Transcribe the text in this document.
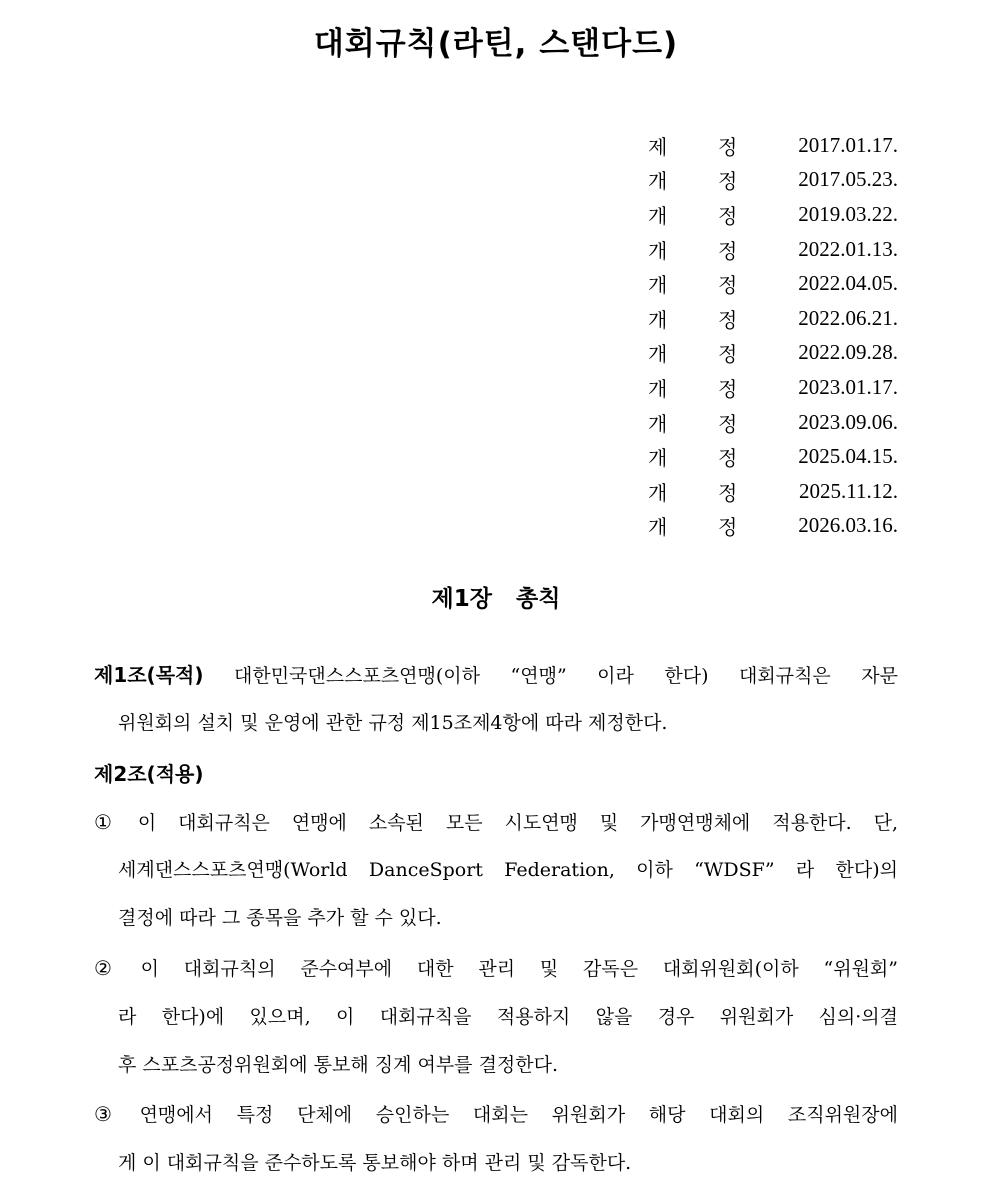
대회규칙(라틴, 스탠다드)
제	정	2017.01.17.
개	정	2017.05.23.
개	정	2019.03.22.
개	정	2022.01.13.
개	정	2022.04.05.
개	정	2022.06.21.
개	정	2022.09.28.
개	정	2023.01.17.
개	정	2023.09.06.
개	정	2025.04.15.
개	정	2025.11.12.
개	정	2026.03.16.
제1장 총칙
제1조(목적) 대한민국댄스스포츠연맹(이하 “연맹” 이라 한다) 대회규칙은 자문
위원회의 설치 및 운영에 관한 규정 제15조제4항에 따라 제정한다.
제2조(적용)
① 이 대회규칙은 연맹에 소속된 모든 시도연맹 및 가맹연맹체에 적용한다. 단,
세계댄스스포츠연맹(World DanceSport Federation, 이하 “WDSF” 라 한다)의
결정에 따라 그 종목을 추가 할 수 있다.
② 이 대회규칙의 준수여부에 대한 관리 및 감독은 대회위원회(이하 “위원회”
라 한다)에 있으며, 이 대회규칙을 적용하지 않을 경우 위원회가 심의·의결
후 스포츠공정위원회에 통보해 징계 여부를 결정한다.
③ 연맹에서 특정 단체에 승인하는 대회는 위원회가 해당 대회의 조직위원장에
게 이 대회규칙을 준수하도록 통보해야 하며 관리 및 감독한다.
